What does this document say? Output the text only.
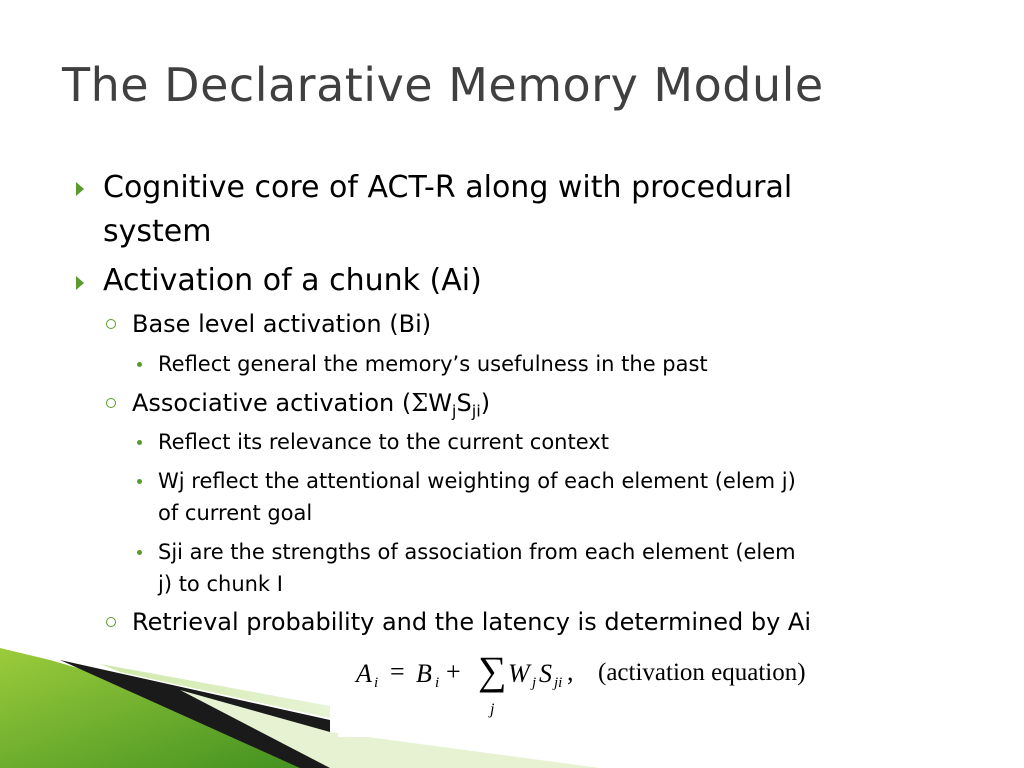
The Declarative Memory Module
Cognitive core of ACT-R along with procedural
system
Activation of a chunk (Ai)
Base level activation (Bi)
Reflect general the memory’s usefulness in the past
Associative activation $(\Sigma W_jS_{ji})$
Reflect its relevance to the current context
Wj reflect the attentional weighting of each element (elem j)
of current goal
Sji are the strengths of association from each element (elem
j) to chunk I
Retrieval probability and the latency is determined by Ai
A i = B i + ∑
j
W j S ji , (activation equation)
